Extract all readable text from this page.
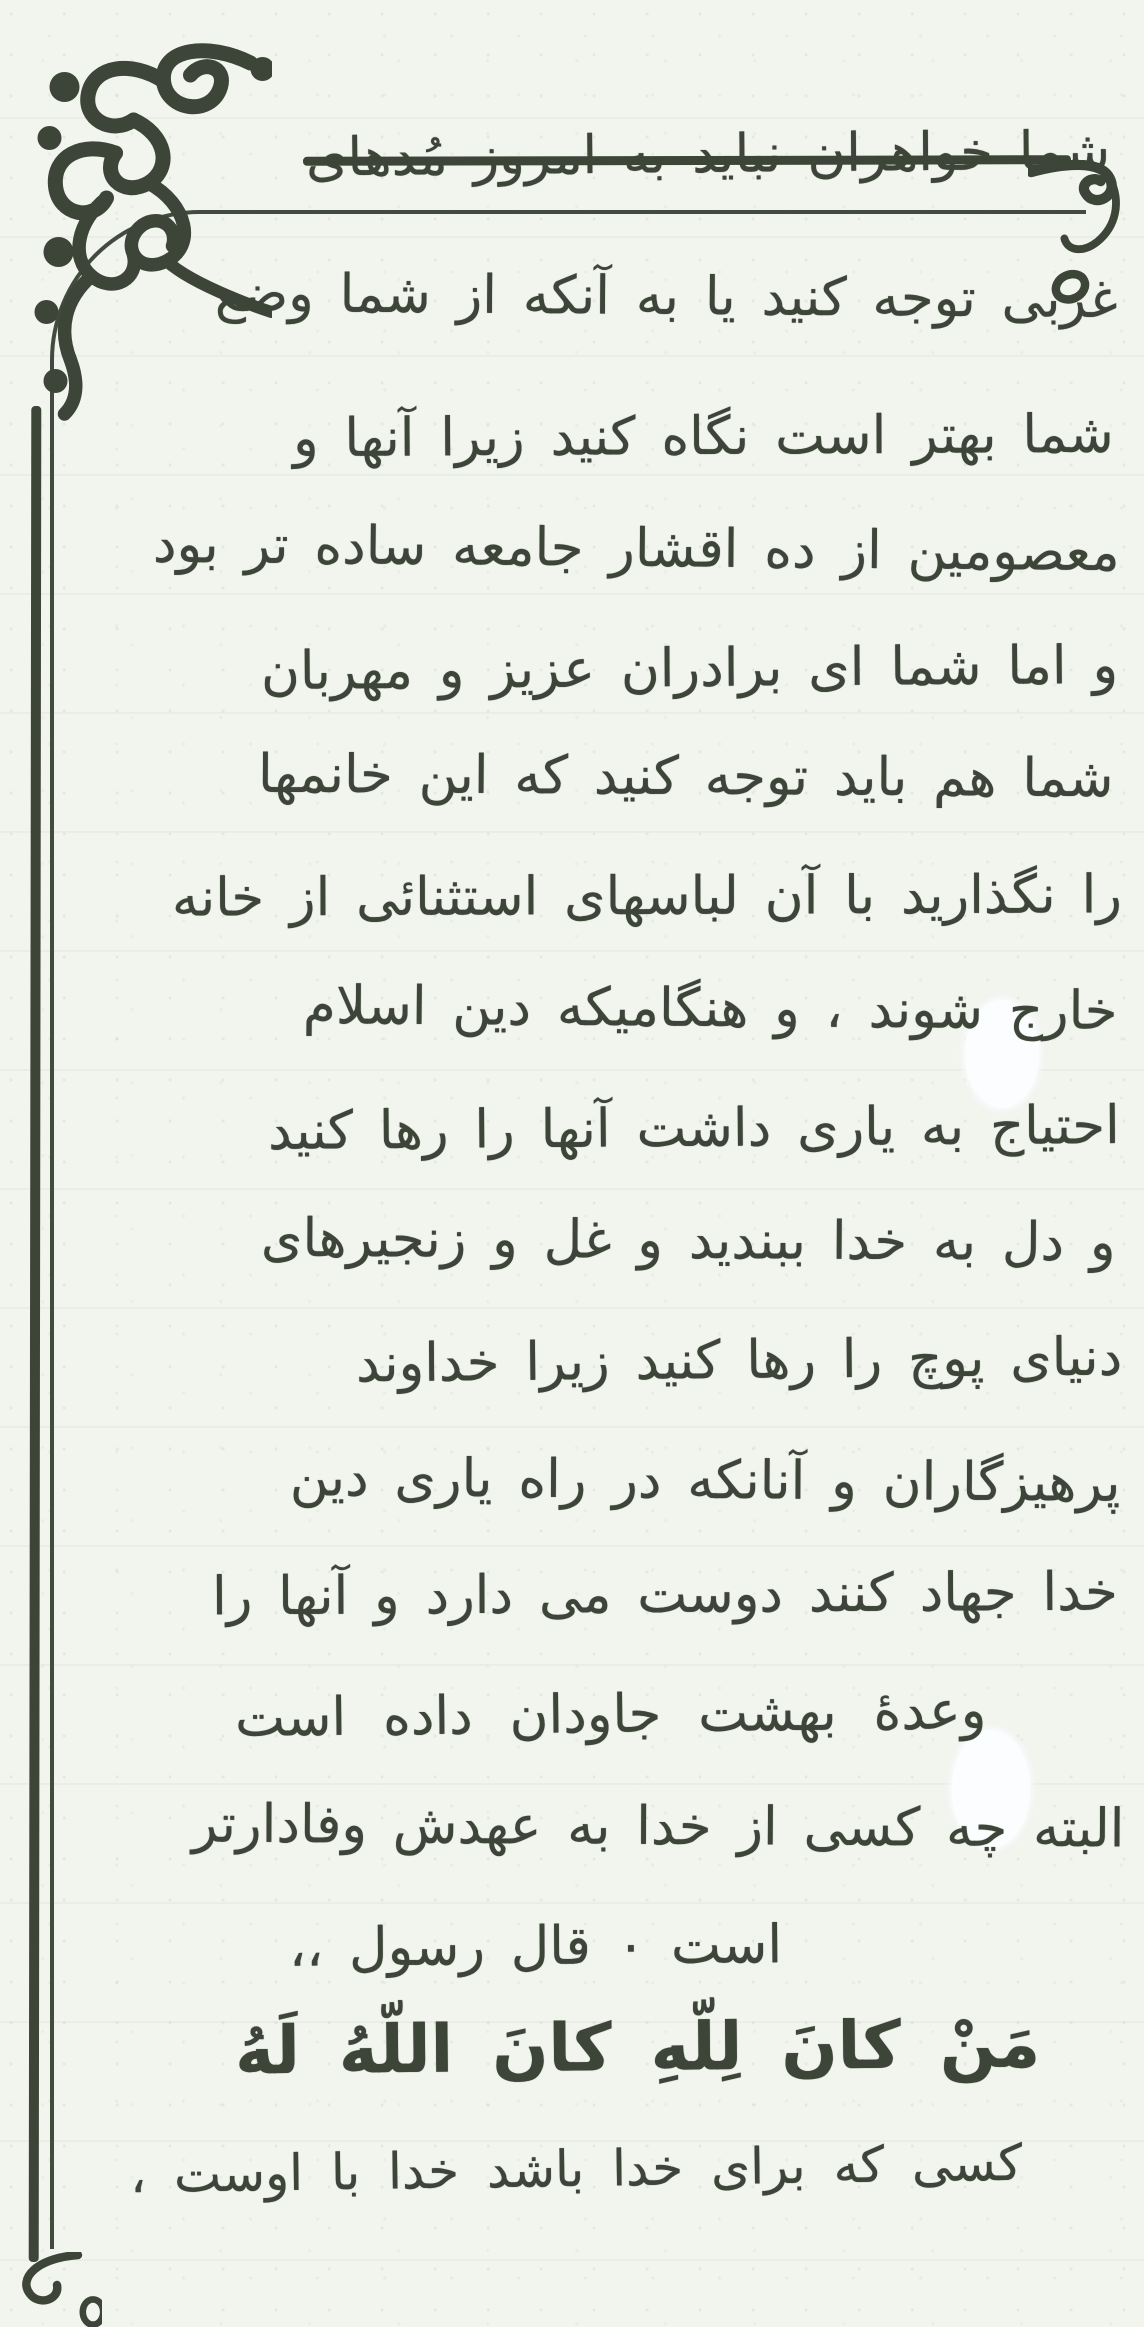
شما خواهران نباید به امروز مُدهای
غربی توجه کنید یا به آنکه از شما وضع
شما بهتر است نگاه کنید زیرا آنها و
معصومین از ده اقشار جامعه ساده تر بود
و اما شما ای برادران عزیز و مهربان
شما هم باید توجه کنید که این خانمها
را نگذارید با آن لباسهای استثنائی از خانه
خارج شوند ، و هنگامیکه دین اسلام
احتیاج به یاری داشت آنها را رها کنید
و دل به خدا ببندید و غل و زنجیرهای
دنیای پوچ را رها کنید زیرا خداوند
پرهیزگاران و آنانکه در راه یاری دین
خدا جهاد کنند دوست می دارد و آنها را
وعدهٔ بهشت جاودان داده است
البته چه کسی از خدا به عهدش وفادارتر
است ۰ قال رسول ،،
مَنْ كانَ لِلّهِ كانَ اللّهُ لَهُ
کسی که برای خدا باشد خدا با اوست ،
